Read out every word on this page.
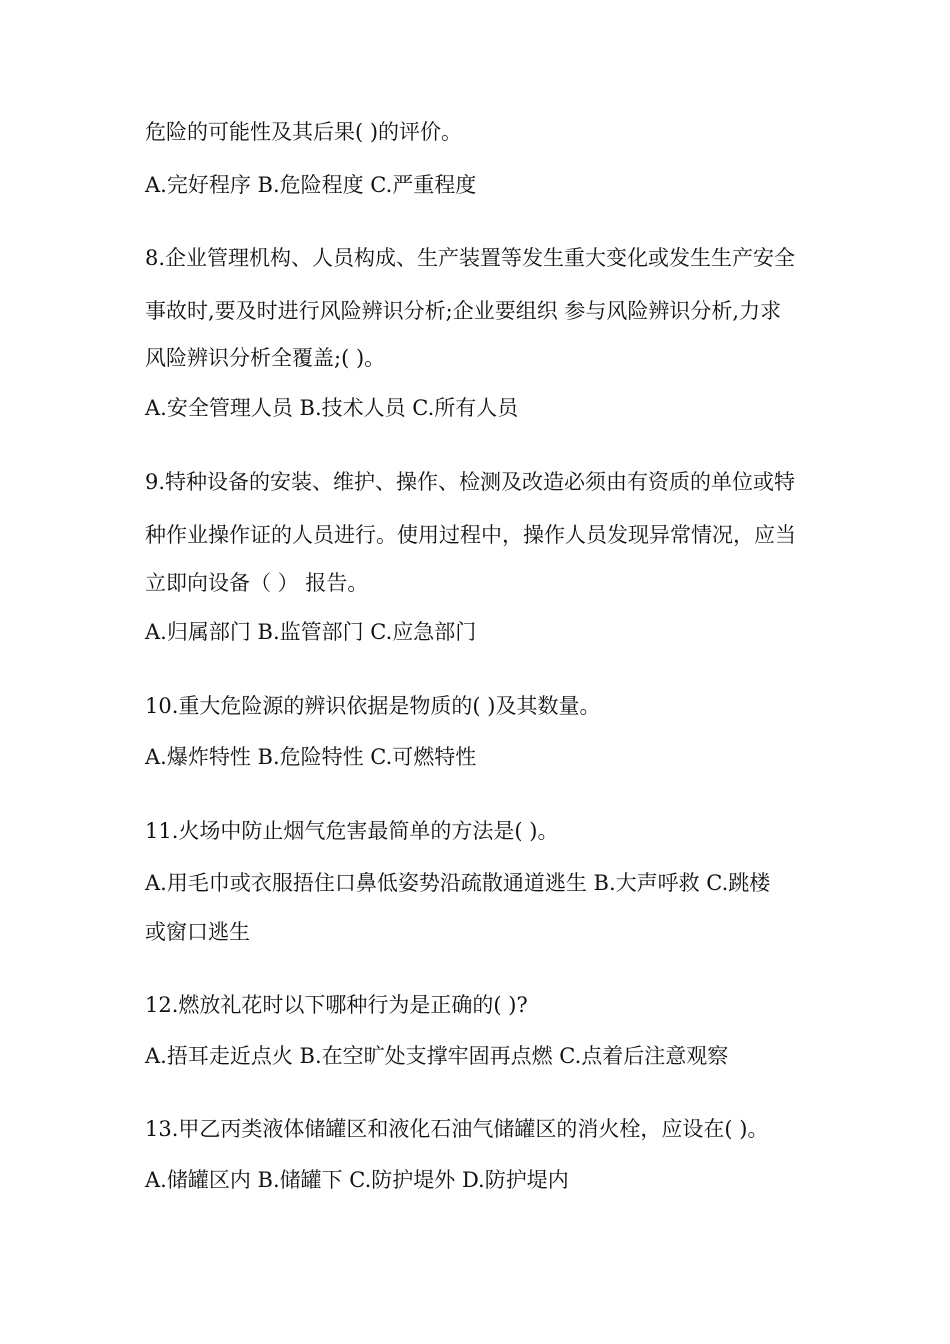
危险的可能性及其后果( )的评价。
A.完好程序 B.危险程度 C.严重程度
8.企业管理机构、人员构成、生产装置等发生重大变化或发生生产安全
事故时,要及时进行风险辨识分析;企业要组织 参与风险辨识分析,力求
风险辨识分析全覆盖;( )。
A.安全管理人员 B.技术人员 C.所有人员
9.特种设备的安装、维护、操作、检测及改造必须由有资质的单位或特
种作业操作证的人员进行。使用过程中，操作人员发现异常情况，应当
立即向设备（ ） 报告。
A.归属部门 B.监管部门 C.应急部门
10.重大危险源的辨识依据是物质的( )及其数量。
A.爆炸特性 B.危险特性 C.可燃特性
11.火场中防止烟气危害最简单的方法是( )。
A.用毛巾或衣服捂住口鼻低姿势沿疏散通道逃生 B.大声呼救 C.跳楼
或窗口逃生
12.燃放礼花时以下哪种行为是正确的( )?
A.捂耳走近点火 B.在空旷处支撑牢固再点燃 C.点着后注意观察
13.甲乙丙类液体储罐区和液化石油气储罐区的消火栓，应设在( )。
A.储罐区内 B.储罐下 C.防护堤外 D.防护堤内
